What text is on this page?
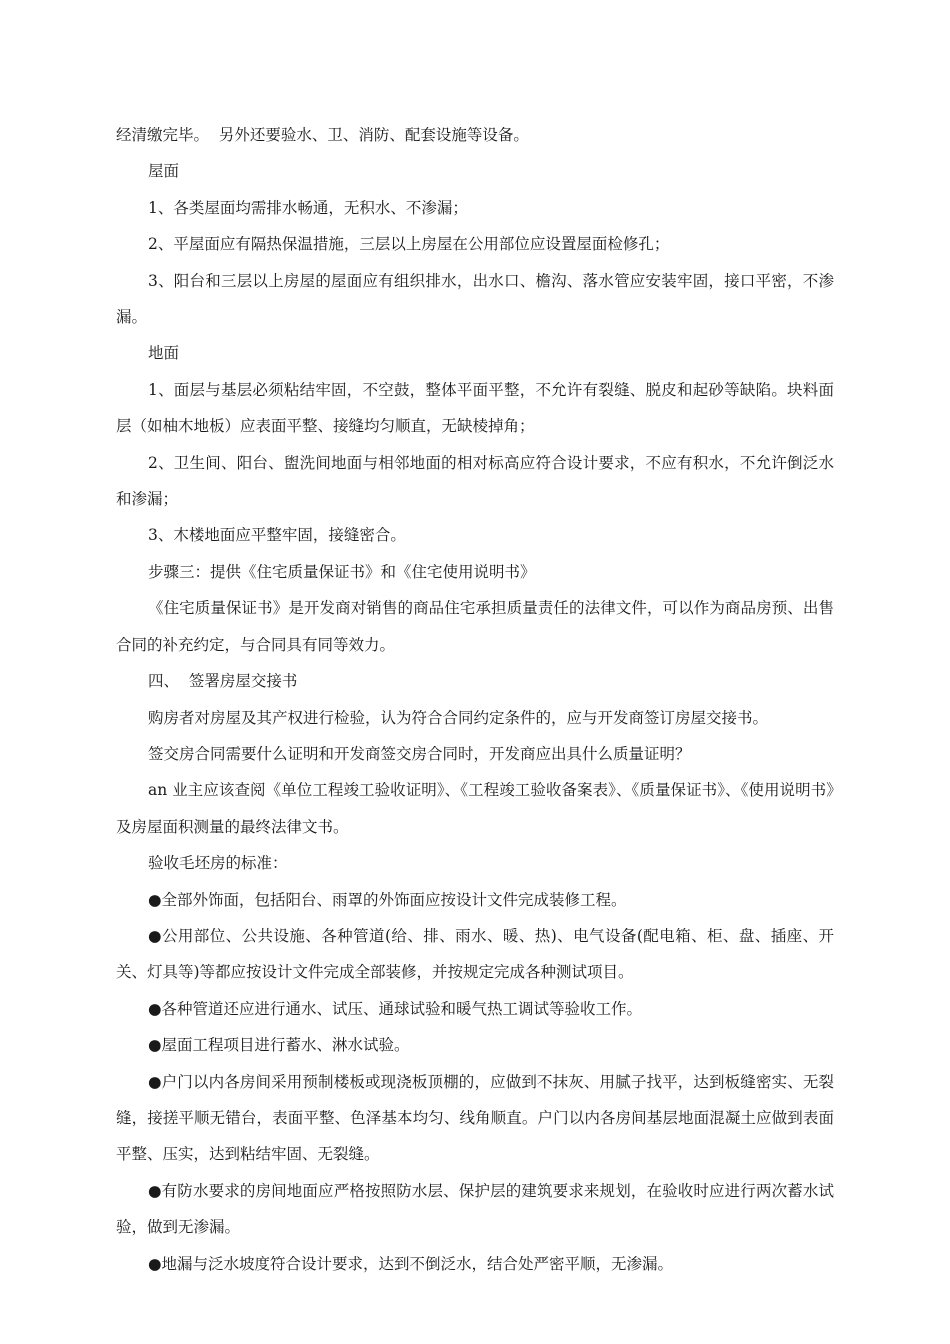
经清缴完毕。  另外还要验水、卫、消防、配套设施等设备。

屋面

1、各类屋面均需排水畅通，无积水、不渗漏；

2、平屋面应有隔热保温措施，三层以上房屋在公用部位应设置屋面检修孔；

3、阳台和三层以上房屋的屋面应有组织排水，出水口、檐沟、落水管应安装牢固，接口平密，不渗漏。

地面

1、面层与基层必须粘结牢固，不空鼓，整体平面平整，不允许有裂缝、脱皮和起砂等缺陷。块料面层（如柚木地板）应表面平整、接缝均匀顺直，无缺棱掉角；

2、卫生间、阳台、盥洗间地面与相邻地面的相对标高应符合设计要求，不应有积水，不允许倒泛水和渗漏；

3、木楼地面应平整牢固，接缝密合。

步骤三：提供《住宅质量保证书》和《住宅使用说明书》

《住宅质量保证书》是开发商对销售的商品住宅承担质量责任的法律文件，可以作为商品房预、出售合同的补充约定，与合同具有同等效力。

四、  签署房屋交接书

购房者对房屋及其产权进行检验，认为符合合同约定条件的，应与开发商签订房屋交接书。

签交房合同需要什么证明和开发商签交房合同时，开发商应出具什么质量证明？

an 业主应该查阅《单位工程竣工验收证明》、《工程竣工验收备案表》、《质量保证书》、《使用说明书》及房屋面积测量的最终法律文书。

验收毛坯房的标准：

●全部外饰面，包括阳台、雨罩的外饰面应按设计文件完成装修工程。

●公用部位、公共设施、各种管道(给、排、雨水、暖、热)、电气设备(配电箱、柜、盘、插座、开关、灯具等)等都应按设计文件完成全部装修，并按规定完成各种测试项目。

●各种管道还应进行通水、试压、通球试验和暖气热工调试等验收工作。

●屋面工程项目进行蓄水、淋水试验。

●户门以内各房间采用预制楼板或现浇板顶棚的，应做到不抹灰、用腻子找平，达到板缝密实、无裂缝，接搓平顺无错台，表面平整、色泽基本均匀、线角顺直。户门以内各房间基层地面混凝土应做到表面平整、压实，达到粘结牢固、无裂缝。

●有防水要求的房间地面应严格按照防水层、保护层的建筑要求来规划，在验收时应进行两次蓄水试验，做到无渗漏。

●地漏与泛水坡度符合设计要求，达到不倒泛水，结合处严密平顺，无渗漏。
